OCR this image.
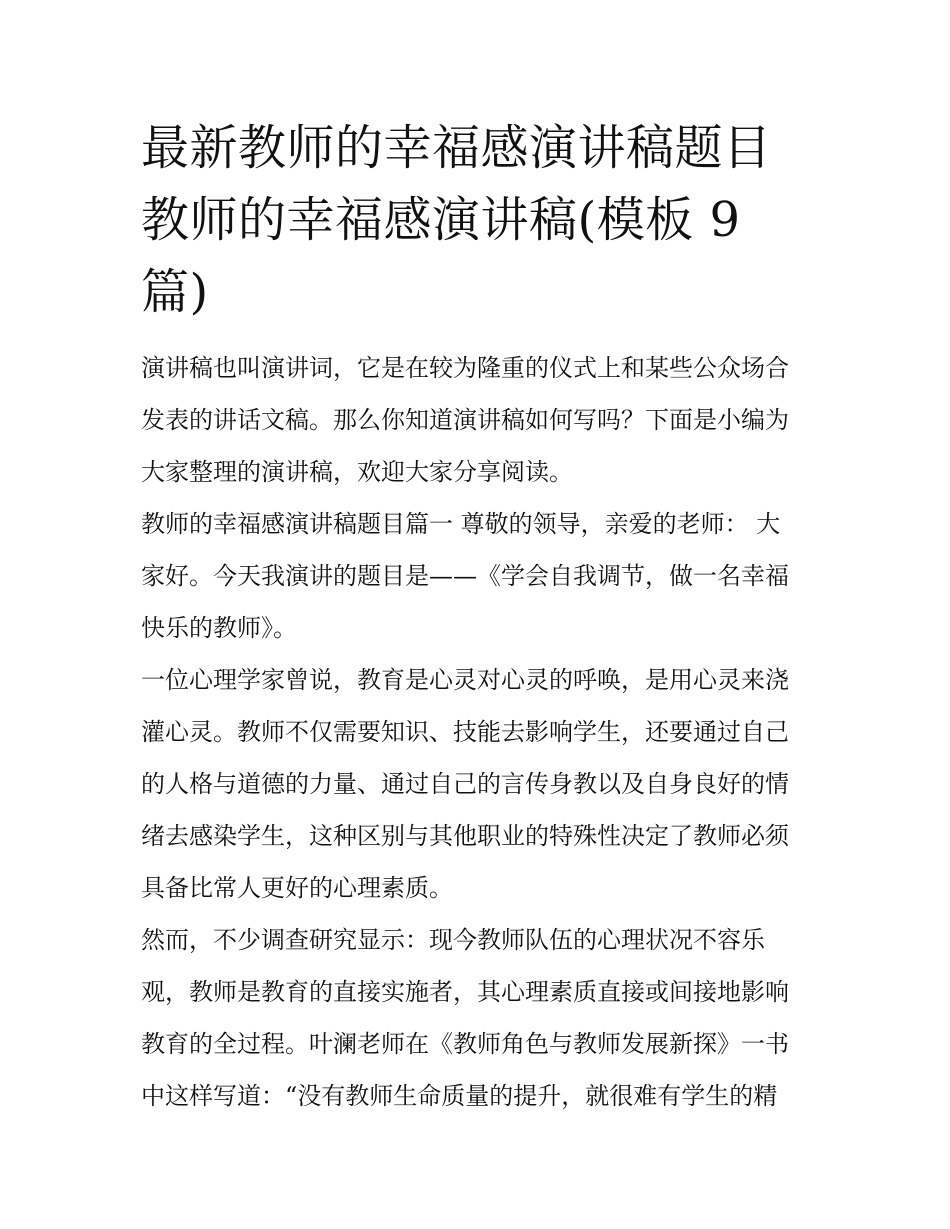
最新教师的幸福感演讲稿题目
教师的幸福感演讲稿(模板 9
篇)

演讲稿也叫演讲词，它是在较为隆重的仪式上和某些公众场合
发表的讲话文稿。那么你知道演讲稿如何写吗？下面是小编为
大家整理的演讲稿，欢迎大家分享阅读。

教师的幸福感演讲稿题目篇一 尊敬的领导，亲爱的老师： 大
家好。今天我演讲的题目是——《学会自我调节，做一名幸福
快乐的教师》。

一位心理学家曾说，教育是心灵对心灵的呼唤，是用心灵来浇
灌心灵。教师不仅需要知识、技能去影响学生，还要通过自己
的人格与道德的力量、通过自己的言传身教以及自身良好的情
绪去感染学生，这种区别与其他职业的特殊性决定了教师必须
具备比常人更好的心理素质。

然而，不少调查研究显示：现今教师队伍的心理状况不容乐
观，教师是教育的直接实施者，其心理素质直接或间接地影响
教育的全过程。叶澜老师在《教师角色与教师发展新探》一书
中这样写道：“没有教师生命质量的提升，就很难有学生的精
